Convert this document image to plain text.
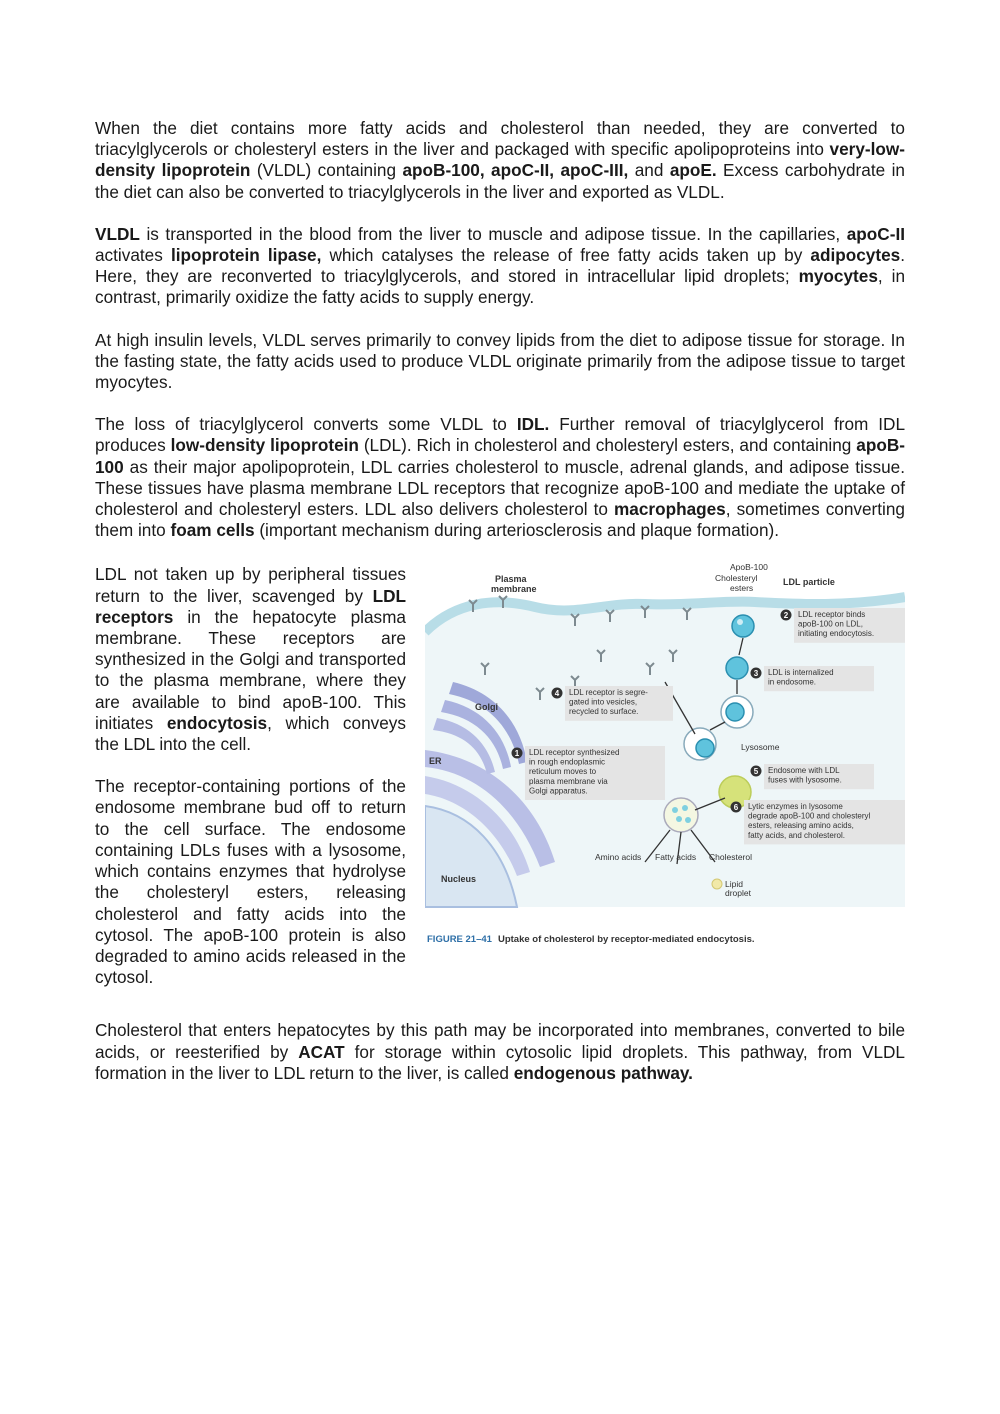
When the diet contains more fatty acids and cholesterol than needed, they are converted to triacylglycerols or cholesteryl esters in the liver and packaged with specific apolipoproteins into very-low-density lipoprotein (VLDL) containing apoB-100, apoC-II, apoC-III, and apoE. Excess carbohydrate in the diet can also be converted to triacylglycerols in the liver and exported as VLDL.

VLDL is transported in the blood from the liver to muscle and adipose tissue. In the capillaries, apoC-II activates lipoprotein lipase, which catalyses the release of free fatty acids taken up by adipocytes. Here, they are reconverted to triacylglycerols, and stored in intracellular lipid droplets; myocytes, in contrast, primarily oxidize the fatty acids to supply energy.

At high insulin levels, VLDL serves primarily to convey lipids from the diet to adipose tissue for storage. In the fasting state, the fatty acids used to produce VLDL originate primarily from the adipose tissue to target myocytes.

The loss of triacylglycerol converts some VLDL to IDL. Further removal of triacylglycerol from IDL produces low-density lipoprotein (LDL). Rich in cholesterol and cholesteryl esters, and containing apoB-100 as their major apolipoprotein, LDL carries cholesterol to muscle, adrenal glands, and adipose tissue. These tissues have plasma membrane LDL receptors that recognize apoB-100 and mediate the uptake of cholesterol and cholesteryl esters. LDL also delivers cholesterol to macrophages, sometimes converting them into foam cells (important mechanism during arteriosclerosis and plaque formation).

LDL not taken up by peripheral tissues return to the liver, scavenged by LDL receptors in the hepatocyte plasma membrane. These receptors are synthesized in the Golgi and transported to the plasma membrane, where they are available to bind apoB-100. This initiates endocytosis, which conveys the LDL into the cell.

The receptor-containing portions of the endosome membrane bud off to return to the cell surface. The endosome containing LDLs fuses with a lysosome, which contains enzymes that hydrolyse the cholesteryl esters, releasing cholesterol and fatty acids into the cytosol. The apoB-100 protein is also degraded to amino acids released in the cytosol.

Plasma
membrane
ApoB-100
Cholesteryl
esters
LDL particle
Golgi
ER
Nucleus
Lysosome
Amino acids Fatty acids Cholesterol
Lipid
droplet
1 LDL receptor synthesized
in rough endoplasmic
reticulum moves to
plasma membrane via
Golgi apparatus.
2 LDL receptor binds
apoB-100 on LDL,
initiating endocytosis.
3 LDL is internalized
in endosome.
4 LDL receptor is segre-
gated into vesicles,
recycled to surface.
5 Endosome with LDL
fuses with lysosome.
6 Lytic enzymes in lysosome
degrade apoB-100 and cholesteryl
esters, releasing amino acids,
fatty acids, and cholesterol.
FIGURE 21–41 Uptake of cholesterol by receptor-mediated endocytosis.

Cholesterol that enters hepatocytes by this path may be incorporated into membranes, converted to bile acids, or reesterified by ACAT for storage within cytosolic lipid droplets. This pathway, from VLDL formation in the liver to LDL return to the liver, is called endogenous pathway.
